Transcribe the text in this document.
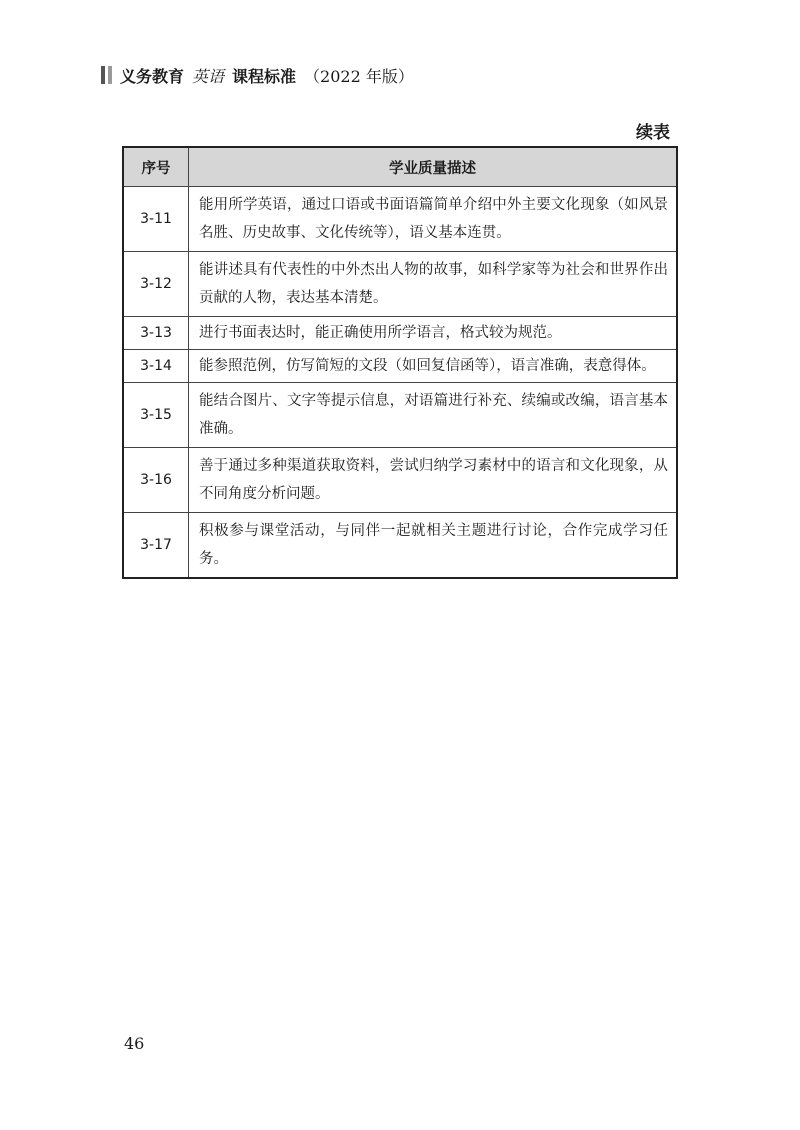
义务教育 英语 课程标准 （2022 年版）
续表
序号	学业质量描述
3-11	能用所学英语，通过口语或书面语篇简单介绍中外主要文化现象（如风景名胜、历史故事、文化传统等），语义基本连贯。
3-12	能讲述具有代表性的中外杰出人物的故事，如科学家等为社会和世界作出贡献的人物，表达基本清楚。
3-13	进行书面表达时，能正确使用所学语言，格式较为规范。
3-14	能参照范例，仿写简短的文段（如回复信函等），语言准确，表意得体。
3-15	能结合图片、文字等提示信息，对语篇进行补充、续编或改编，语言基本准确。
3-16	善于通过多种渠道获取资料，尝试归纳学习素材中的语言和文化现象，从不同角度分析问题。
3-17	积极参与课堂活动，与同伴一起就相关主题进行讨论，合作完成学习任务。
46
